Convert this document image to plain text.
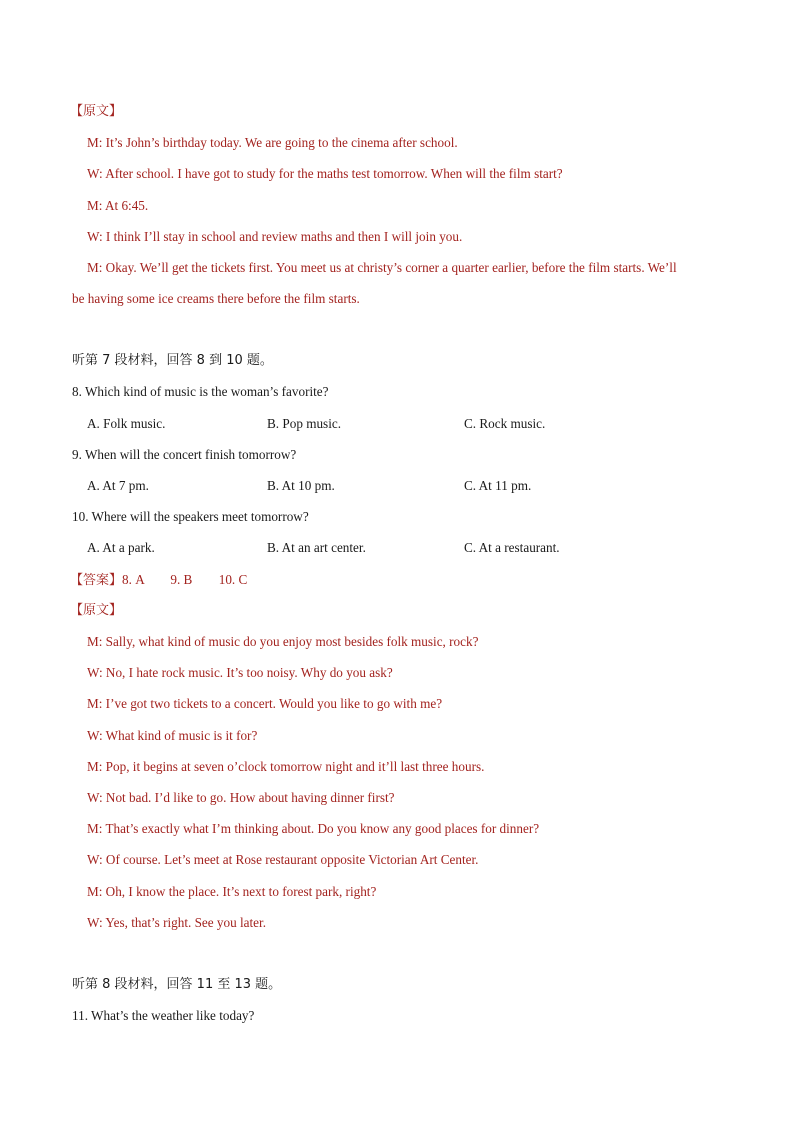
【原文】
M: It’s John’s birthday today. We are going to the cinema after school.
W: After school. I have got to study for the maths test tomorrow. When will the film start?
M: At 6:45.
W: I think I’ll stay in school and review maths and then I will join you.
M: Okay. We’ll get the tickets first. You meet us at christy’s corner a quarter earlier, before the film starts. We’ll
be having some ice creams there before the film starts.
听第 7 段材料，回答 8 到 10 题。
8. Which kind of music is the woman’s favorite?
A. Folk music.	B. Pop music.	C. Rock music.
9. When will the concert finish tomorrow?
A. At 7 pm.	B. At 10 pm.	C. At 11 pm.
10. Where will the speakers meet tomorrow?
A. At a park.	B. At an art center.	C. At a restaurant.
【答案】8. A        9. B        10. C
【原文】
M: Sally, what kind of music do you enjoy most besides folk music, rock?
W: No, I hate rock music. It’s too noisy. Why do you ask?
M: I’ve got two tickets to a concert. Would you like to go with me?
W: What kind of music is it for?
M: Pop, it begins at seven o’clock tomorrow night and it’ll last three hours.
W: Not bad. I’d like to go. How about having dinner first?
M: That’s exactly what I’m thinking about. Do you know any good places for dinner?
W: Of course. Let’s meet at Rose restaurant opposite Victorian Art Center.
M: Oh, I know the place. It’s next to forest park, right?
W: Yes, that’s right. See you later.
听第 8 段材料，回答 11 至 13 题。
11. What’s the weather like today?
